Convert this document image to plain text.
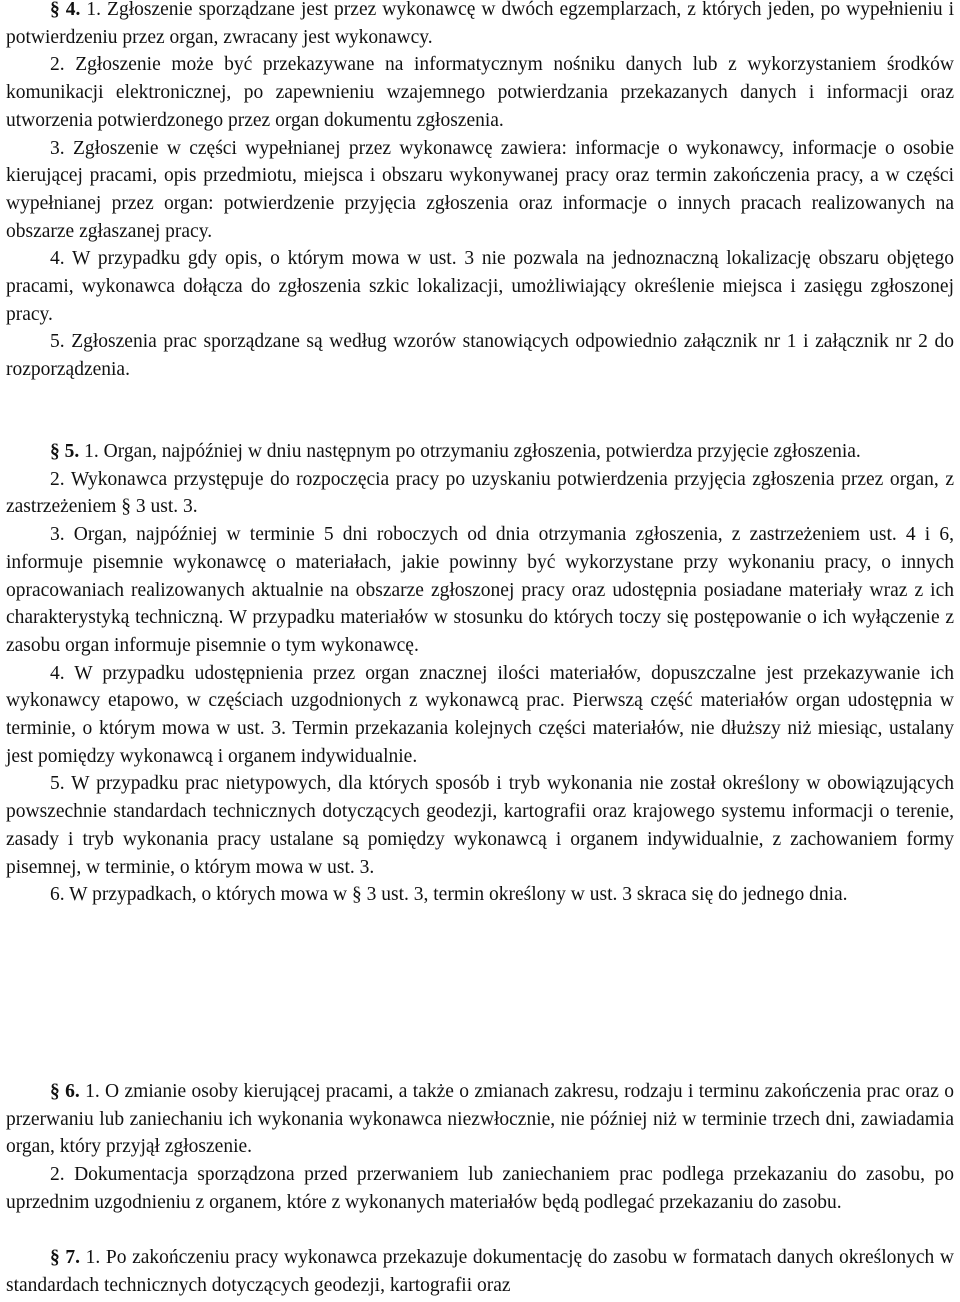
§ 4. 1. Zgłoszenie sporządzane jest przez wykonawcę w dwóch egzemplarzach, z których jeden, po wypełnieniu i potwierdzeniu przez organ, zwracany jest wykonawcy.

2. Zgłoszenie może być przekazywane na informatycznym nośniku danych lub z wykorzystaniem środków komunikacji elektronicznej, po zapewnieniu wzajemnego potwierdzania przekazanych danych i informacji oraz utworzenia potwierdzonego przez organ dokumentu zgłoszenia.

3. Zgłoszenie w części wypełnianej przez wykonawcę zawiera: informacje o wykonawcy, informacje o osobie kierującej pracami, opis przedmiotu, miejsca i obszaru wykonywanej pracy oraz termin zakończenia pracy, a w części wypełnianej przez organ: potwierdzenie przyjęcia zgłoszenia oraz informacje o innych pracach realizowanych na obszarze zgłaszanej pracy.

4. W przypadku gdy opis, o którym mowa w ust. 3 nie pozwala na jednoznaczną lokalizację obszaru objętego pracami, wykonawca dołącza do zgłoszenia szkic lokalizacji, umożliwiający określenie miejsca i zasięgu zgłoszonej pracy.

5. Zgłoszenia prac sporządzane są według wzorów stanowiących odpowiednio załącznik nr 1 i załącznik nr 2 do rozporządzenia.

§ 5. 1. Organ, najpóźniej w dniu następnym po otrzymaniu zgłoszenia, potwierdza przyjęcie zgłoszenia.

2. Wykonawca przystępuje do rozpoczęcia pracy po uzyskaniu potwierdzenia przyjęcia zgłoszenia przez organ, z zastrzeżeniem § 3 ust. 3.

3. Organ, najpóźniej w terminie 5 dni roboczych od dnia otrzymania zgłoszenia, z zastrzeżeniem ust. 4 i 6, informuje pisemnie wykonawcę o materiałach, jakie powinny być wykorzystane przy wykonaniu pracy, o innych opracowaniach realizowanych aktualnie na obszarze zgłoszonej pracy oraz udostępnia posiadane materiały wraz z ich charakterystyką techniczną. W przypadku materiałów w stosunku do których toczy się postępowanie o ich wyłączenie z zasobu organ informuje pisemnie o tym wykonawcę.

4. W przypadku udostępnienia przez organ znacznej ilości materiałów, dopuszczalne jest przekazywanie ich wykonawcy etapowo, w częściach uzgodnionych z wykonawcą prac. Pierwszą część materiałów organ udostępnia w terminie, o którym mowa w ust. 3. Termin przekazania kolejnych części materiałów, nie dłuższy niż miesiąc, ustalany jest pomiędzy wykonawcą i organem indywidualnie.

5. W przypadku prac nietypowych, dla których sposób i tryb wykonania nie został określony w obowiązujących powszechnie standardach technicznych dotyczących geodezji, kartografii oraz krajowego systemu informacji o terenie, zasady i tryb wykonania pracy ustalane są pomiędzy wykonawcą i organem indywidualnie, z zachowaniem formy pisemnej, w terminie, o którym mowa w ust. 3.

6. W przypadkach, o których mowa w § 3 ust. 3, termin określony w ust. 3 skraca się do jednego dnia.

§ 6. 1. O zmianie osoby kierującej pracami, a także o zmianach zakresu, rodzaju i terminu zakończenia prac oraz o przerwaniu lub zaniechaniu ich wykonania wykonawca niezwłocznie, nie później niż w terminie trzech dni, zawiadamia organ, który przyjął zgłoszenie.

2. Dokumentacja sporządzona przed przerwaniem lub zaniechaniem prac podlega przekazaniu do zasobu, po uprzednim uzgodnieniu z organem, które z wykonanych materiałów będą podlegać przekazaniu do zasobu.

§ 7. 1. Po zakończeniu pracy wykonawca przekazuje dokumentację do zasobu w formatach danych określonych w standardach technicznych dotyczących geodezji, kartografii oraz
